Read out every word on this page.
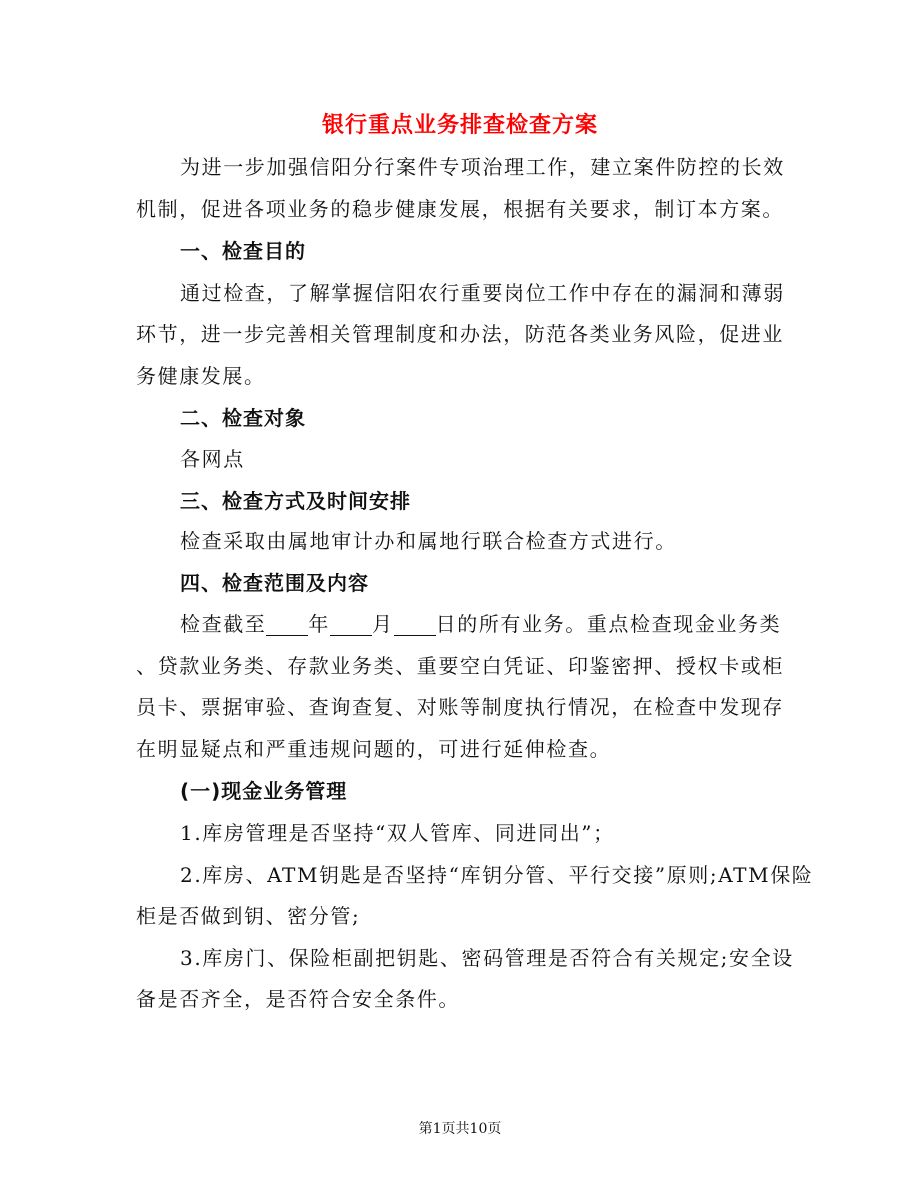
银行重点业务排查检查方案
为进一步加强信阳分行案件专项治理工作，建立案件防控的长效
机制，促进各项业务的稳步健康发展，根据有关要求，制订本方案。
一、检查目的
通过检查，了解掌握信阳农行重要岗位工作中存在的漏洞和薄弱
环节，进一步完善相关管理制度和办法，防范各类业务风险，促进业
务健康发展。
二、检查对象
各网点
三、检查方式及时间安排
检查采取由属地审计办和属地行联合检查方式进行。
四、检查范围及内容
检查截至 年 月 日的所有业务。重点检查现金业务类
、贷款业务类、存款业务类、重要空白凭证、印鉴密押、授权卡或柜
员卡、票据审验、查询查复、对账等制度执行情况，在检查中发现存
在明显疑点和严重违规问题的，可进行延伸检查。
(一)现金业务管理
1.库房管理是否坚持“双人管库、同进同出”；
2.库房、ATM钥匙是否坚持“库钥分管、平行交接”原则;ATM保险
柜是否做到钥、密分管;
3.库房门、保险柜副把钥匙、密码管理是否符合有关规定;安全设
备是否齐全，是否符合安全条件。
第1页共10页
